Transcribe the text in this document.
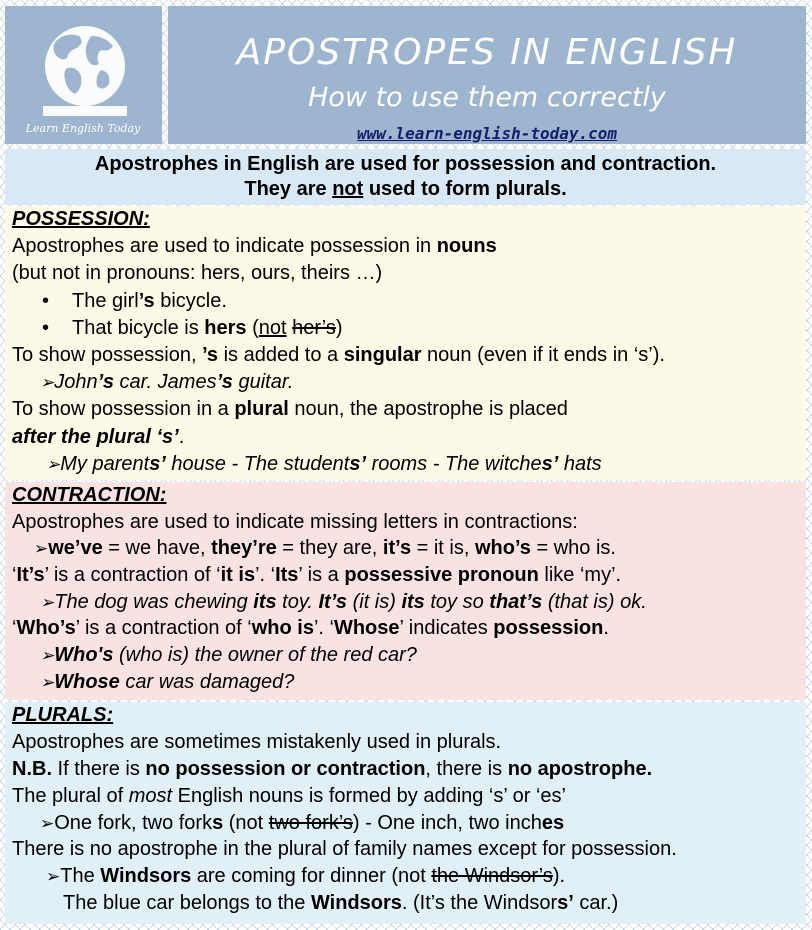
Learn English Today
APOSTROPES IN ENGLISH
How to use them correctly
www.learn-english-today.com
Apostrophes in English are used for possession and contraction.
They are not used to form plurals.
POSSESSION:
Apostrophes are used to indicate possession in nouns
(but not in pronouns: hers, ours, theirs …)
• The girl’s bicycle.
• That bicycle is hers (not her’s)
To show possession, ’s is added to a singular noun (even if it ends in ‘s’).
➢John’s car. James’s guitar.
To show possession in a plural noun, the apostrophe is placed
after the plural ‘s’.
➢My parents’ house - The students’ rooms - The witches’ hats
CONTRACTION:
Apostrophes are used to indicate missing letters in contractions:
➢we’ve = we have, they’re = they are, it’s = it is, who’s = who is.
‘It’s’ is a contraction of ‘it is’. ‘Its’ is a possessive pronoun like ‘my’.
➢The dog was chewing its toy. It’s (it is) its toy so that’s (that is) ok.
‘Who’s’ is a contraction of ‘who is’. ‘Whose’ indicates possession.
➢Who's (who is) the owner of the red car?
➢Whose car was damaged?
PLURALS:
Apostrophes are sometimes mistakenly used in plurals.
N.B. If there is no possession or contraction, there is no apostrophe.
The plural of most English nouns is formed by adding ‘s’ or ‘es’
➢One fork, two forks (not two fork’s) - One inch, two inches
There is no apostrophe in the plural of family names except for possession.
➢The Windsors are coming for dinner (not the Windsor’s).
The blue car belongs to the Windsors. (It’s the Windsors’ car.)
